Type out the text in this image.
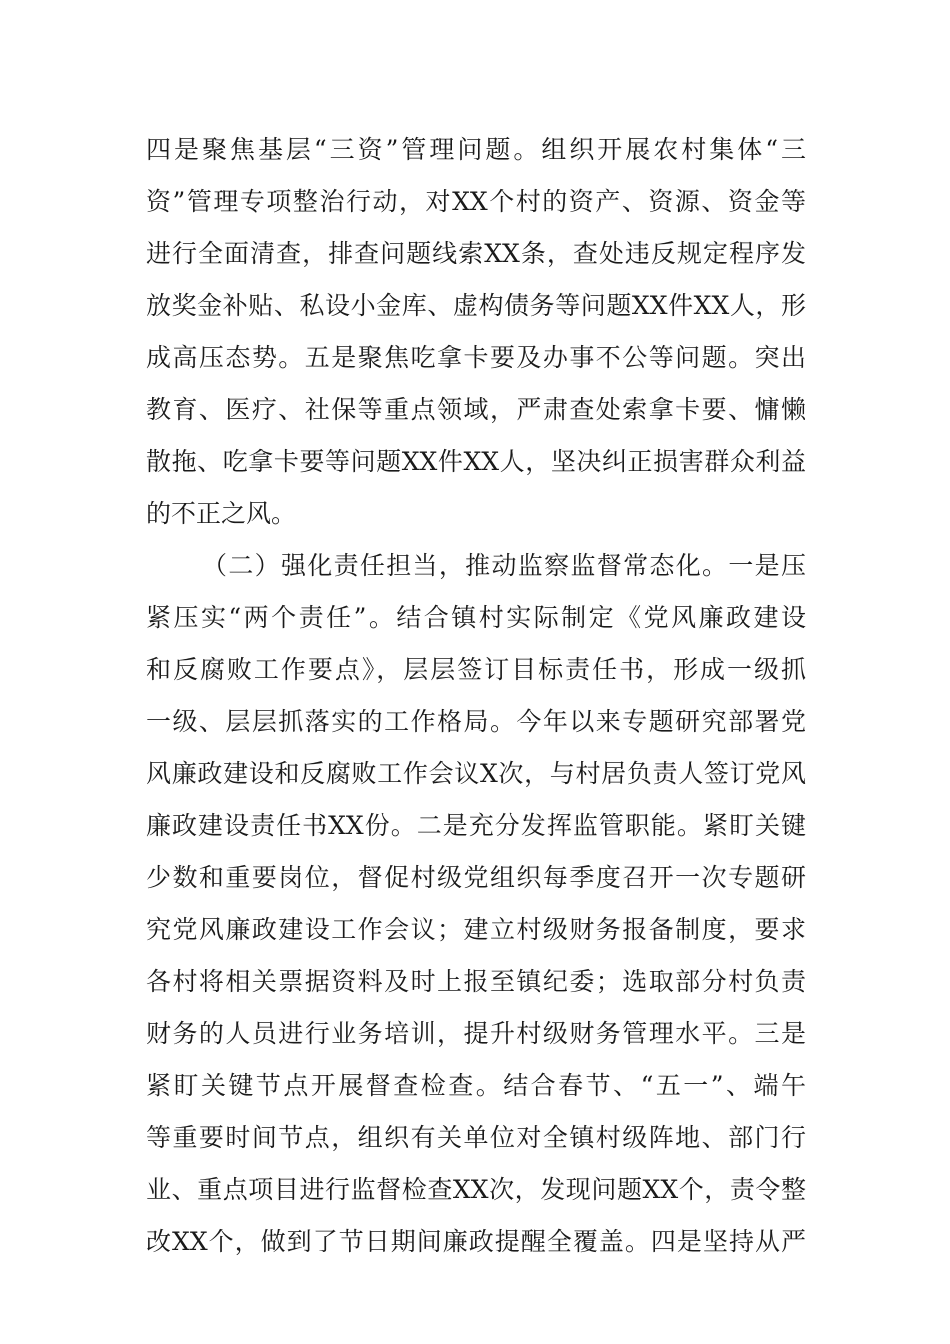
四是聚焦基层“三资”管理问题。组织开展农村集体“三
资”管理专项整治行动，对XX个村的资产、资源、资金等
进行全面清查，排查问题线索XX条，查处违反规定程序发
放奖金补贴、私设小金库、虚构债务等问题XX件XX人，形
成高压态势。五是聚焦吃拿卡要及办事不公等问题。突出
教育、医疗、社保等重点领域，严肃查处索拿卡要、慵懒
散拖、吃拿卡要等问题XX件XX人，坚决纠正损害群众利益
的不正之风。
（二）强化责任担当，推动监察监督常态化。一是压
紧压实“两个责任”。结合镇村实际制定《党风廉政建设
和反腐败工作要点》，层层签订目标责任书，形成一级抓
一级、层层抓落实的工作格局。今年以来专题研究部署党
风廉政建设和反腐败工作会议X次，与村居负责人签订党风
廉政建设责任书XX份。二是充分发挥监管职能。紧盯关键
少数和重要岗位，督促村级党组织每季度召开一次专题研
究党风廉政建设工作会议；建立村级财务报备制度，要求
各村将相关票据资料及时上报至镇纪委；选取部分村负责
财务的人员进行业务培训，提升村级财务管理水平。三是
紧盯关键节点开展督查检查。结合春节、“五一”、端午
等重要时间节点，组织有关单位对全镇村级阵地、部门行
业、重点项目进行监督检查XX次，发现问题XX个，责令整
改XX个，做到了节日期间廉政提醒全覆盖。四是坚持从严
